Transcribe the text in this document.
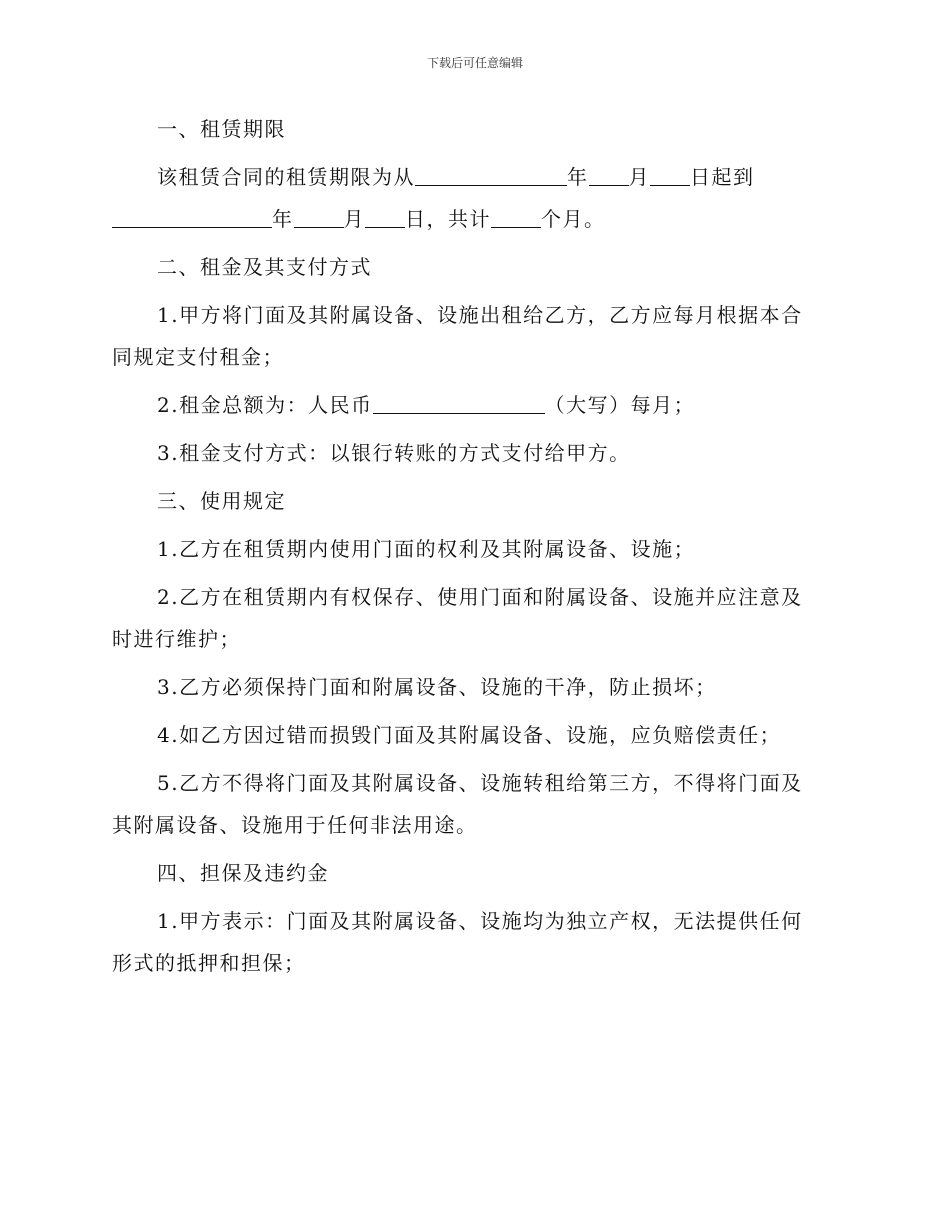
下载后可任意编辑

一、租赁期限

该租赁合同的租赁期限为从	年 月 日起到年	月 日，共计	个月。

二、租金及其支付方式

1.甲方将门面及其附属设备、设施出租给乙方，乙方应每月根据本合同规定支付租金；

2.租金总额为：人民币	（大写）每月；

3.租金支付方式：以银行转账的方式支付给甲方。

三、使用规定

1.乙方在租赁期内使用门面的权利及其附属设备、设施；

2.乙方在租赁期内有权保存、使用门面和附属设备、设施并应注意及时进行维护；

3.乙方必须保持门面和附属设备、设施的干净，防止损坏；

4.如乙方因过错而损毁门面及其附属设备、设施，应负赔偿责任；

5.乙方不得将门面及其附属设备、设施转租给第三方，不得将门面及其附属设备、设施用于任何非法用途。

四、担保及违约金

1.甲方表示：门面及其附属设备、设施均为独立产权，无法提供任何形式的抵押和担保；
